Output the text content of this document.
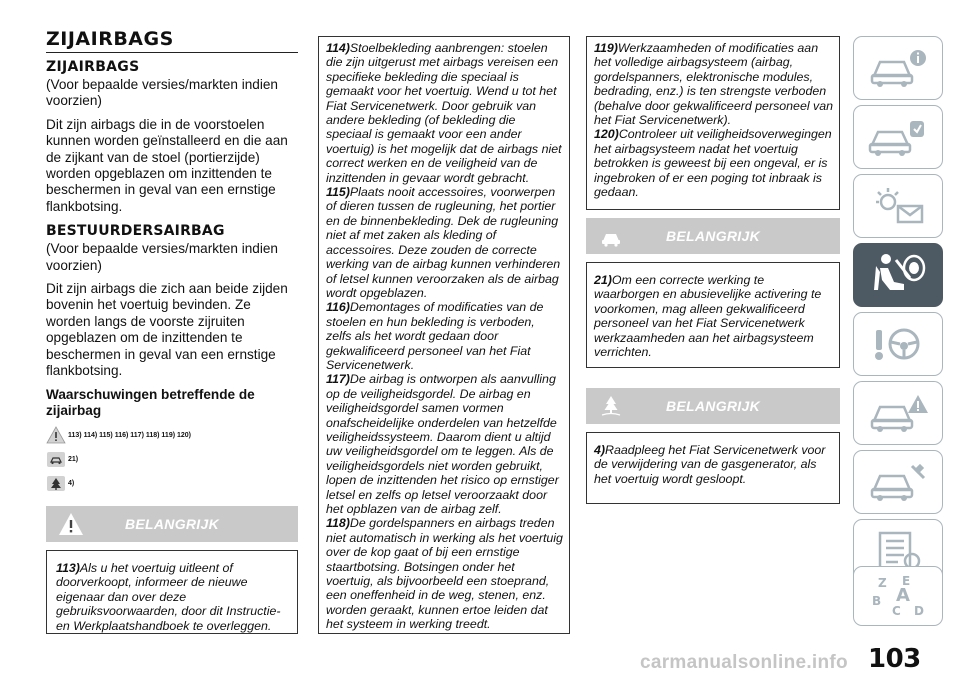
ZIJAIRBAGS
ZIJAIRBAGS
(Voor bepaalde versies/markten indien voorzien)
Dit zijn airbags die in de voorstoelen kunnen worden geïnstalleerd en die aan de zijkant van de stoel (portierzijde) worden opgeblazen om inzittenden te beschermen in geval van een ernstige flankbotsing.
BESTUURDERSAIRBAG
(Voor bepaalde versies/markten indien voorzien)
Dit zijn airbags die zich aan beide zijden bovenin het voertuig bevinden. Ze worden langs de voorste zijruiten opgeblazen om de inzittenden te beschermen in geval van een ernstige flankbotsing.
Waarschuwingen betreffende de zijairbag
113) 114) 115) 116) 117) 118) 119) 120)
21)
4)
BELANGRIJK

113)Als u het voertuig uitleent of doorverkoopt, informeer de nieuwe eigenaar dan over deze gebruiksvoorwaarden, door dit Instructie- en Werkplaatshandboek te overleggen.

114)Stoelbekleding aanbrengen: stoelen die zijn uitgerust met airbags vereisen een specifieke bekleding die speciaal is gemaakt voor het voertuig. Wend u tot het Fiat Servicenetwerk. Door gebruik van andere bekleding (of bekleding die speciaal is gemaakt voor een ander voertuig) is het mogelijk dat de airbags niet correct werken en de veiligheid van de inzittenden in gevaar wordt gebracht.

115)Plaats nooit accessoires, voorwerpen of dieren tussen de rugleuning, het portier en de binnenbekleding. Dek de rugleuning niet af met zaken als kleding of accessoires. Deze zouden de correcte werking van de airbag kunnen verhinderen of letsel kunnen veroorzaken als de airbag wordt opgeblazen.

116)Demontages of modificaties van de stoelen en hun bekleding is verboden, zelfs als het wordt gedaan door gekwalificeerd personeel van het Fiat Servicenetwerk.

117)De airbag is ontworpen als aanvulling op de veiligheidsgordel. De airbag en veiligheidsgordel samen vormen onafscheidelijke onderdelen van hetzelfde veiligheidssysteem. Daarom dient u altijd uw veiligheidsgordel om te leggen. Als de veiligheidsgordels niet worden gebruikt, lopen de inzittenden het risico op ernstiger letsel en zelfs op letsel veroorzaakt door het opblazen van de airbag zelf.

118)De gordelspanners en airbags treden niet automatisch in werking als het voertuig over de kop gaat of bij een ernstige staartbotsing. Botsingen onder het voertuig, als bijvoorbeeld een stoeprand, een oneffenheid in de weg, stenen, enz. worden geraakt, kunnen ertoe leiden dat het systeem in werking treedt.

119)Werkzaamheden of modificaties aan het volledige airbagsysteem (airbag, gordelspanners, elektronische modules, bedrading, enz.) is ten strengste verboden (behalve door gekwalificeerd personeel van het Fiat Servicenetwerk).

120)Controleer uit veiligheidsoverwegingen het airbagsysteem nadat het voertuig betrokken is geweest bij een ongeval, er is ingebroken of er een poging tot inbraak is gedaan.

BELANGRIJK

21)Om een correcte werking te waarborgen en abusievelijke activering te voorkomen, mag alleen gekwalificeerd personeel van het Fiat Servicenetwerk werkzaamheden aan het airbagsysteem verrichten.

BELANGRIJK

4)Raadpleeg het Fiat Servicenetwerk voor de verwijdering van de gasgenerator, als het voertuig wordt gesloopt.

Z E
B
C D
A
103
carmanualsonline.info
